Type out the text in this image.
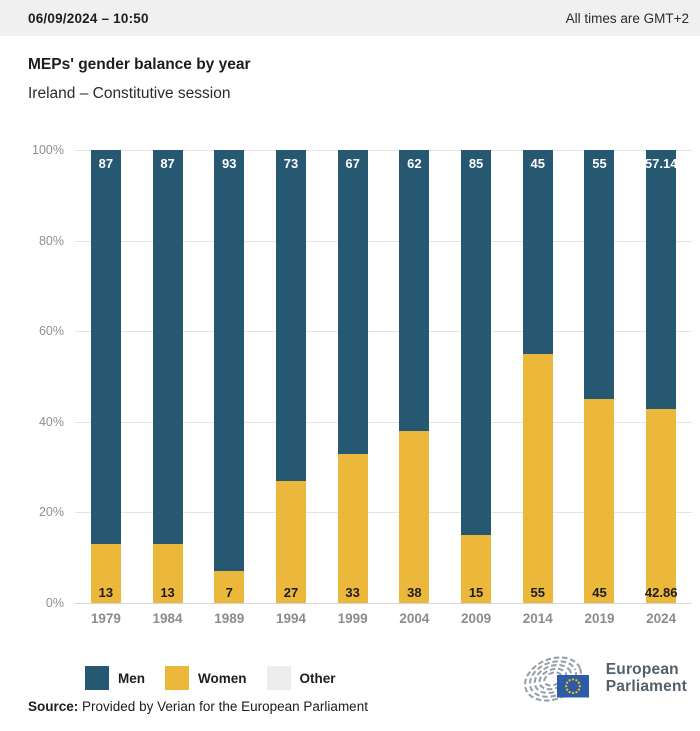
06/09/2024 – 10:50	All times are GMT+2
MEPs' gender balance by year
Ireland – Constitutive session
87
13
87
13
93
7
73
27
67
33
62
38
85
15
45
55
55
45
57.14
42.86
100%
80%
60%
40%
20%
0%
1979	1984	1989	1994	1999	2004	2009	2014	2019	2024
Men	Women	Other
European
Parliament
Source: Provided by Verian for the European Parliament
